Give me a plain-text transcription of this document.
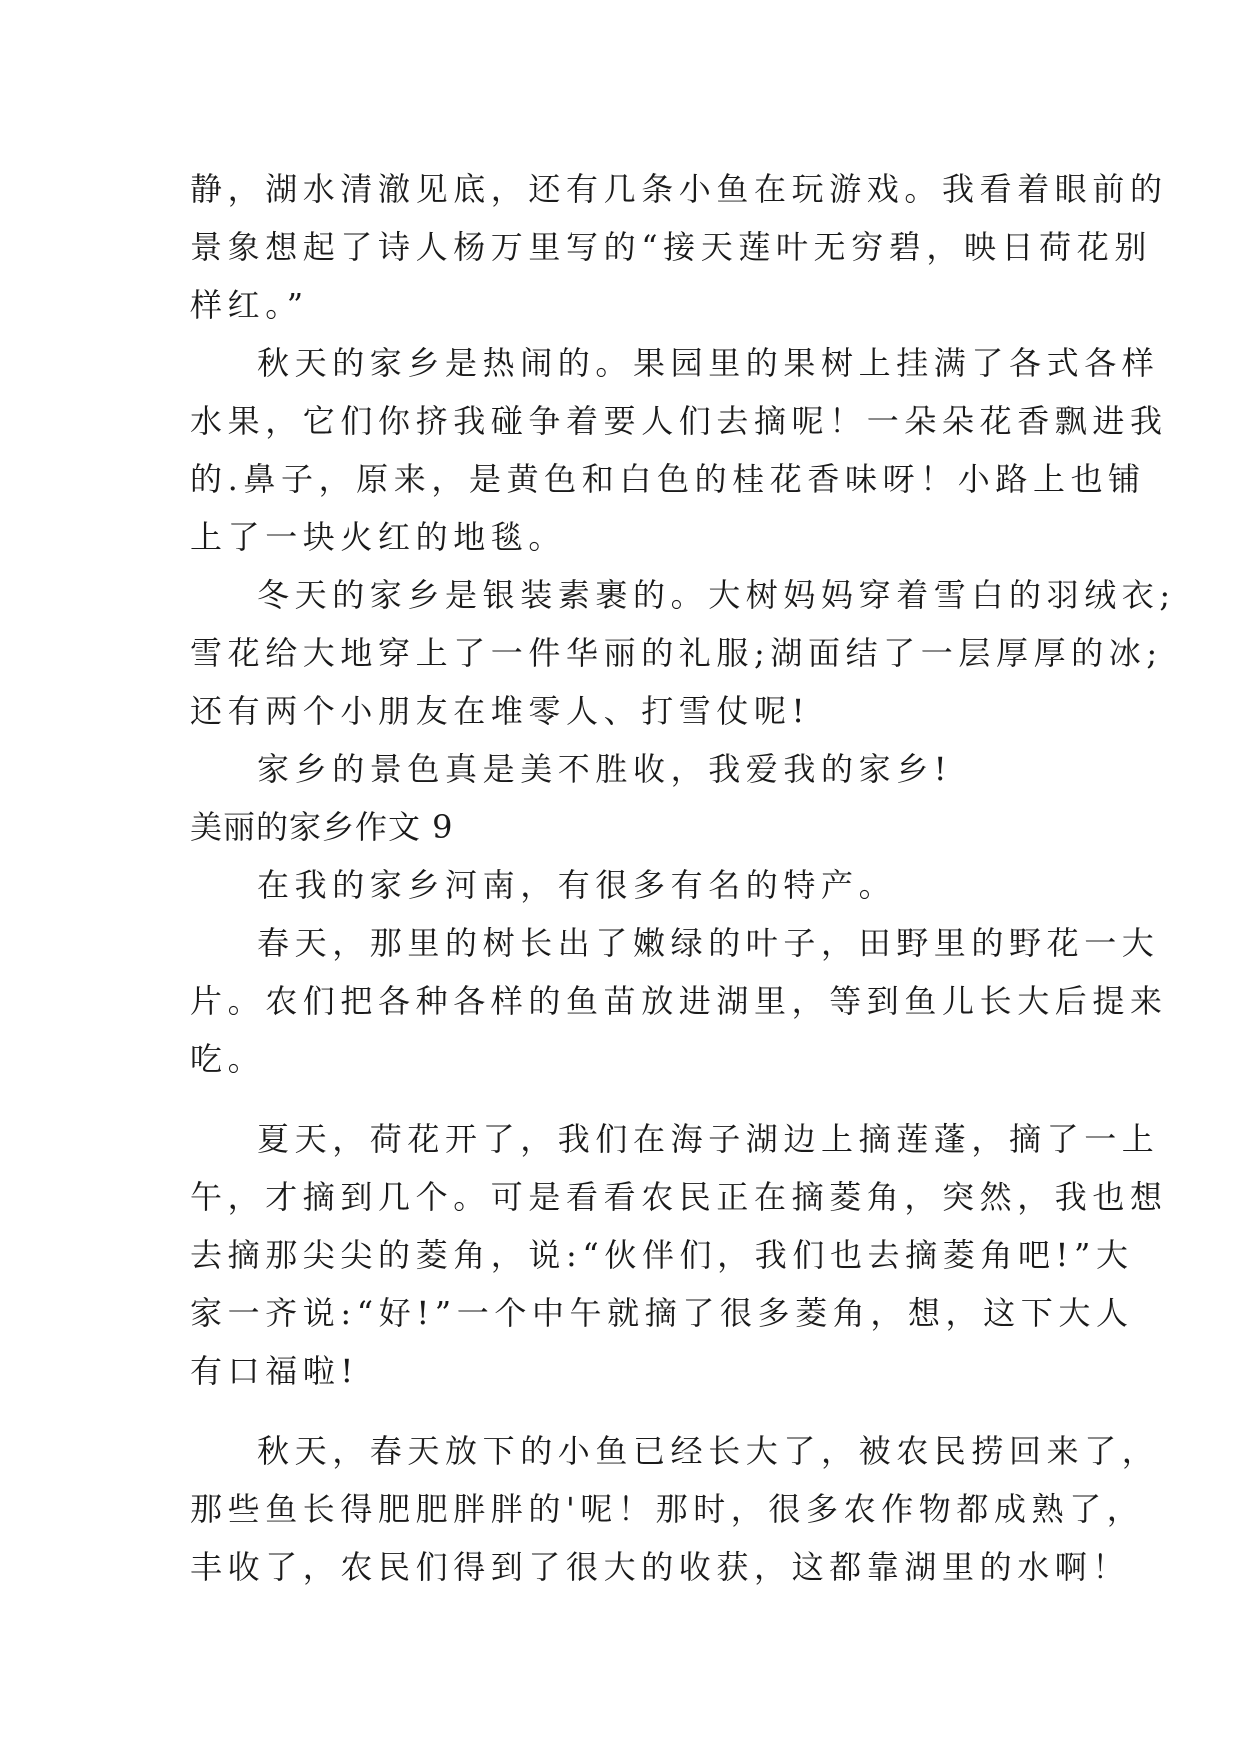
静，湖水清澈见底，还有几条小鱼在玩游戏。我看着眼前的
景象想起了诗人杨万里写的“接天莲叶无穷碧，映日荷花别
样红。”
秋天的家乡是热闹的。果园里的果树上挂满了各式各样
水果，它们你挤我碰争着要人们去摘呢！一朵朵花香飘进我
的.鼻子，原来，是黄色和白色的桂花香味呀！小路上也铺
上了一块火红的地毯。
冬天的家乡是银装素裹的。大树妈妈穿着雪白的羽绒衣;
雪花给大地穿上了一件华丽的礼服;湖面结了一层厚厚的冰;
还有两个小朋友在堆零人、打雪仗呢!
家乡的景色真是美不胜收，我爱我的家乡!
美丽的家乡作文 9
在我的家乡河南，有很多有名的特产。
春天，那里的树长出了嫩绿的叶子，田野里的野花一大
片。农们把各种各样的鱼苗放进湖里，等到鱼儿长大后提来
吃。
夏天，荷花开了，我们在海子湖边上摘莲蓬，摘了一上
午，才摘到几个。可是看看农民正在摘菱角，突然，我也想
去摘那尖尖的菱角，说:“伙伴们，我们也去摘菱角吧!”大
家一齐说:“好!”一个中午就摘了很多菱角，想，这下大人
有口福啦!
秋天，春天放下的小鱼已经长大了，被农民捞回来了，
那些鱼长得肥肥胖胖的'呢！那时，很多农作物都成熟了，
丰收了，农民们得到了很大的收获，这都靠湖里的水啊！
